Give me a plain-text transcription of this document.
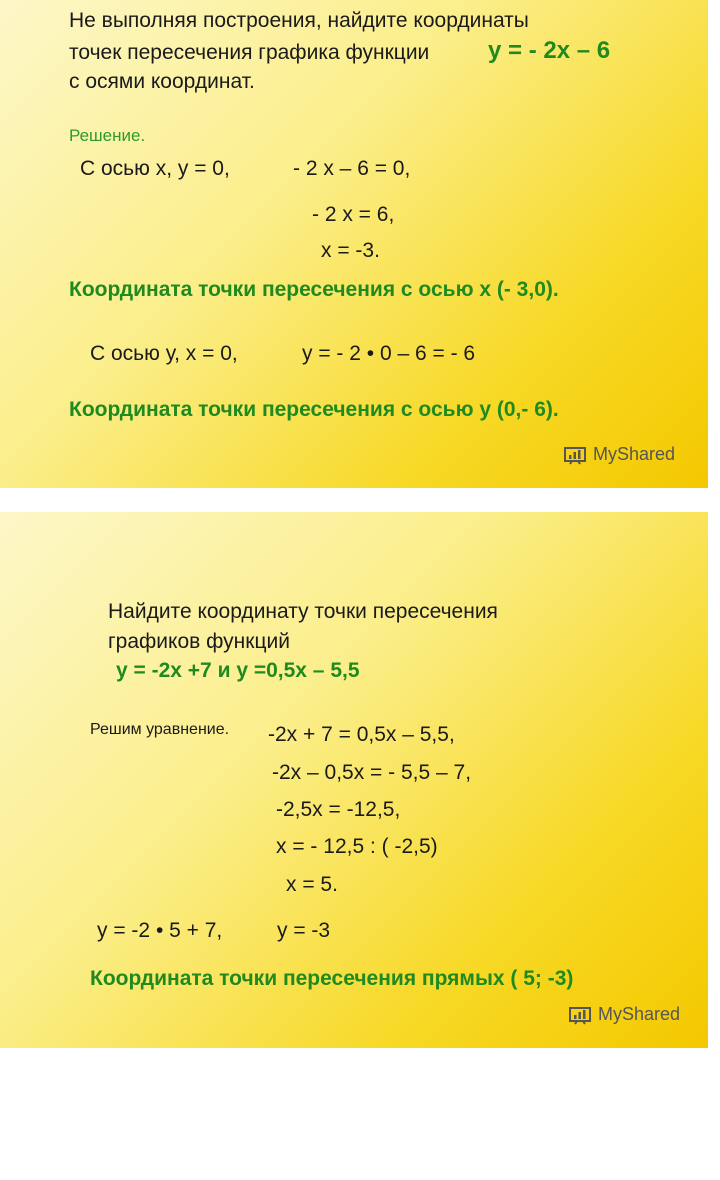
Не выполняя построения, найдите координаты
точек пересечения графика функции y = - 2x – 6
с осями координат.
Решение.
С осью х, у = 0,	- 2 х – 6 = 0,
- 2 х = 6,
х = -3.
Координата точки пересечения с осью х (- 3,0).
С осью у, х = 0,	у = - 2 • 0 – 6 = - 6
Координата точки пересечения с осью у (0,- 6).
MyShared
Найдите координату точки пересечения
графиков функций
у = -2х +7 и у =0,5х – 5,5
Решим уравнение. -2х + 7 = 0,5х – 5,5,
-2х – 0,5х = - 5,5 – 7,
-2,5х = -12,5,
х = - 12,5 : ( -2,5)
х = 5.
у = -2 • 5 + 7,	у = -3
Координата точки пересечения прямых ( 5; -3)
MyShared
